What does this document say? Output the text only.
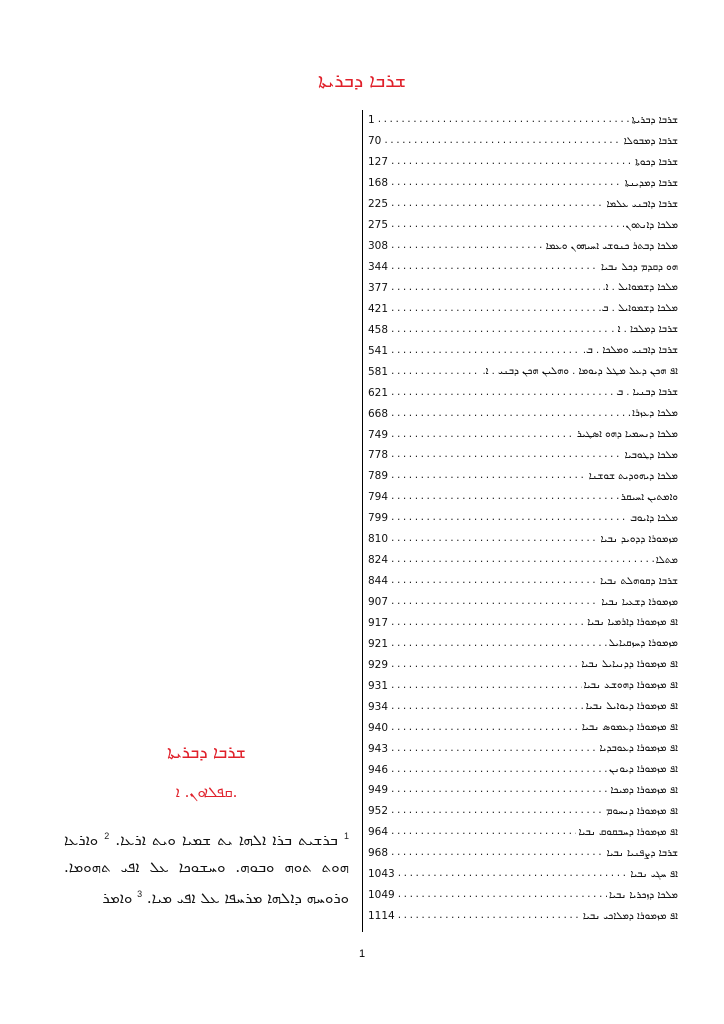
ܫܪܒܐ ܕܒܪܝܬܐ
1 .....	ܫܪܒܐ ܕܒܪܝܬܐ
70 .....	ܫܪܒܐ ܕܡܒܘܠܐ
127 .....	ܫܪܒܐ ܕܟܘܬܐ
168 .....	ܫܪܒܐ ܕܡܕܝܢܬܐ
225 .....	ܫܪܒܐ ܕܐܒܢܝ ܥܠܡܐ
275 .....	ܡܠܟܐ ܕܐܢܬܘܢ
308 .....	ܡܠܟܐ ܕܒܬܪ ܟܢܘܫܝ ܐܚܝܗܘܢ ܘܥܡܐ
344 .....	ܗܘ ܕܩܕܡ ܕܟܠ ܢܒܝܐ
377 .....	ܡܠܟܐ ܕܫܡܘܐܝܠ . ܐ.
421 .....	ܡܠܟܐ ܕܫܡܘܐܝܠ . ܒ.
458 .....	ܫܪܒܐ ܕܡܠܟܐ . ܐ .
541 .....	ܫܪܒܐ ܕܐܒܢܝ ܘܡܠܟܐ . ܒ.
581 .....	ܐܦ ܗܟܢ ܕܥܠ ܡܛܠ ܕܝܘܡܐ . ܘܗܠܝܢ ܗܟܢ ܕܒܢܝ . ܐ.
621 .....	ܫܪܒܐ ܕܒܢܝܐ . ܒ
668 .....	ܡܠܟܐ ܕܥܙܪܐ
749 .....	ܡܠܟܐ ܕܢܚܡܝܐ ܕܗܘ ܐܣܛܝܪ
778 .....	ܡܠܟܐ ܕܛܘܒܝܐ
789 .....	ܡܠܟܐ ܕܝܗܘܕܝܬ ܫܘܫܢܐ
794 .....	ܘܐܡܬܝܢ ܐܚܝܩܪ
799 .....	ܡܠܟܐ ܕܐܝܘܒ
810 .....	ܡܙܡܘܪܐ ܕܕܘܝܕ ܢܒܝܐ
824 .....	ܡܬܠܐ
844 .....	ܫܪܒܐ ܕܩܘܗܠܬ ܢܒܝܐ
907 .....	ܡܙܡܘܪܐ ܕܫܥܝܐ ܢܒܝܐ
917 .....	ܐܦ ܡܙܡܘܪܐ ܕܐܪܡܝܐ ܢܒܝܐ
921 .....	ܡܙܡܘܪܐ ܕܚܙܩܝܐܝܠ
929 .....	ܐܦ ܡܙܡܘܪܐ ܕܕܢܝܐܝܠ ܢܒܝܐ
931 .....	ܐܦ ܡܙܡܘܪܐ ܕܗܘܫܥ ܢܒܝܐ
934 .....	ܐܦ ܡܙܡܘܪܐ ܕܝܘܐܝܠ ܢܒܝܐ
940 .....	ܐܦ ܡܙܡܘܪܐ ܕܥܡܘܣ ܢܒܝܐ
943 .....	ܐܦ ܡܙܡܘܪܐ ܕܥܘܒܕܝܐ
946 .....	ܐܦ ܡܙܡܘܪܐ ܕܝܘܢܢ
949 .....	ܐܦ ܡܙܡܘܪܐ ܕܡܝܟܐ
952 .....	ܐܦ ܡܙܡܘܪܐ ܕܢܚܘܡ
964 .....	ܐܦ ܡܙܡܘܪܐ ܕܚܒܩܘܩ ܢܒܝܐ
968 .....	ܫܪܒܐ ܕܨܦܢܝܐ ܢܒܝܐ
1043 .....	ܐܦ ܚܓܝ ܢܒܝܐ
1049 .....	ܡܠܟܐ ܕܙܟܪܝܐ ܢܒܝܐ
1114 .....	ܐܦ ܡܙܡܘܪܐ ܕܡܠܐܟܝ ܢܒܝܐ
ܫܪܒܐ ܕܒܪܝܬܐ
ܩܦܠܐܘܢ. ܐ.
$^1$ ܒܪܫܝܬ ܒܪܐ ܐܠܗܐ ܝܬ ܫܡܝܐ ܘܝܬ ܐܪܥܐ. $^2$ ܘܐܪܥܐ ܗܘܬ ܬܘܗ ܘܒܘܗ. ܘܚܫܘܟܐ ܥܠ ܐܦܝ ܬܗܘܡܐ. ܘܪܘܚܗ ܕܐܠܗܐ ܡܪܚܦܐ ܥܠ ܐܦܝ ܡܝܐ. $^3$ ܘܐܡܪ
1
